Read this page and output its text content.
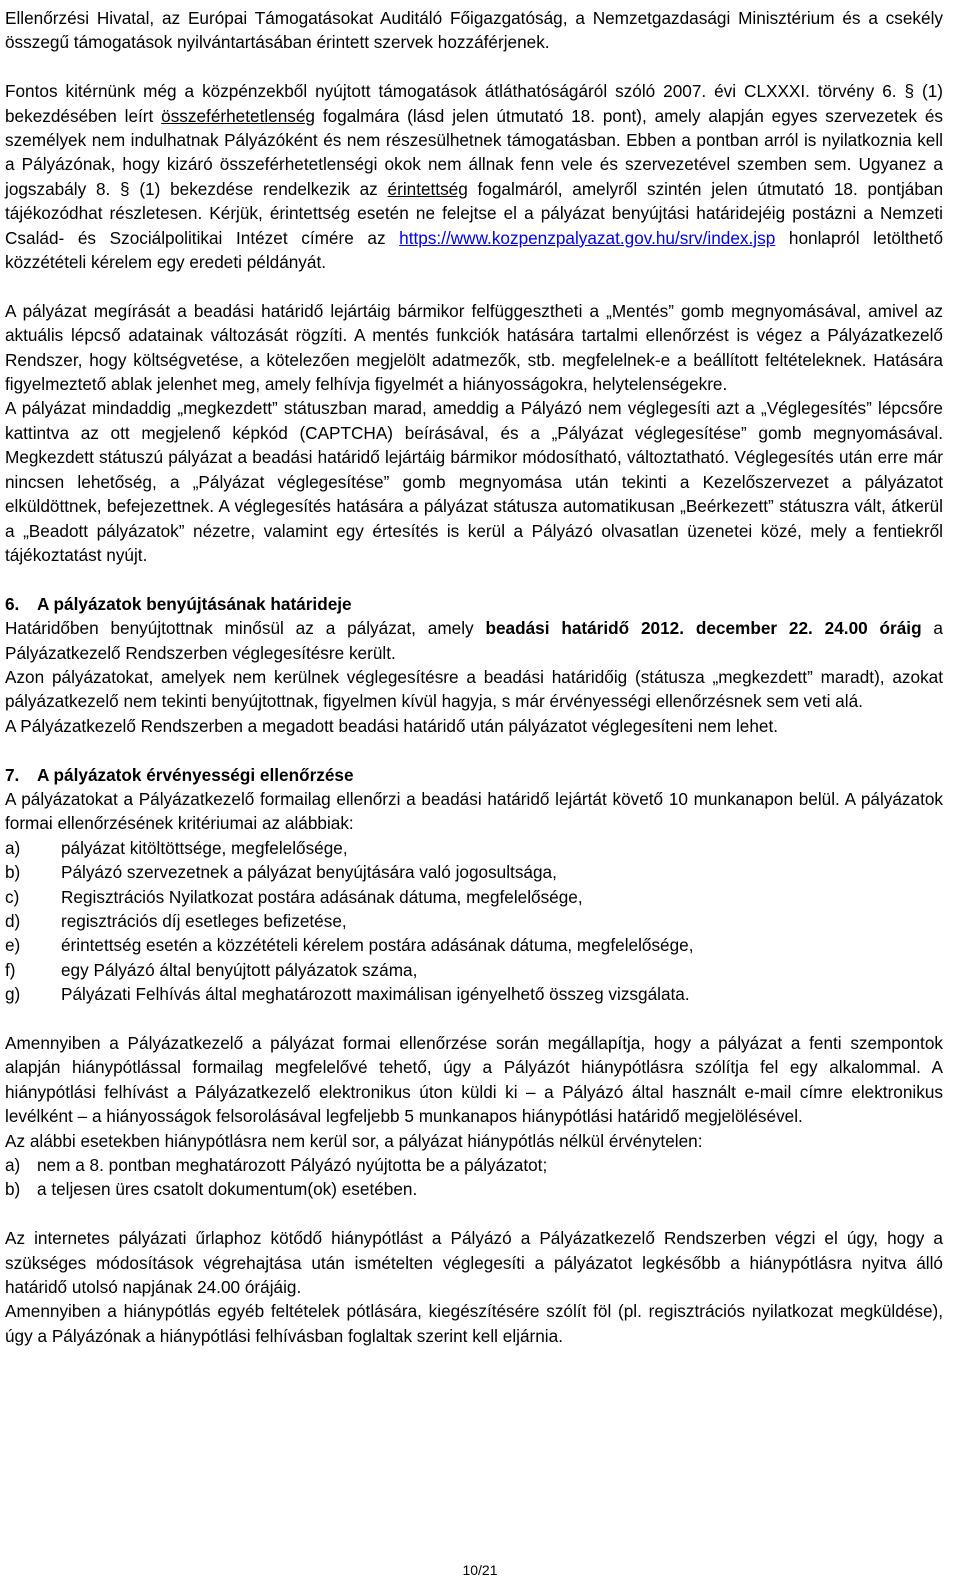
Ellenőrzési Hivatal, az Európai Támogatásokat Auditáló Főigazgatóság, a Nemzetgazdasági Minisztérium és a csekély összegű támogatások nyilvántartásában érintett szervek hozzáférjenek.

Fontos kitérnünk még a közpénzekből nyújtott támogatások átláthatóságáról szóló 2007. évi CLXXXI. törvény 6. § (1) bekezdésében leírt összeférhetetlenség fogalmára (lásd jelen útmutató 18. pont), amely alapján egyes szervezetek és személyek nem indulhatnak Pályázóként és nem részesülhetnek támogatásban. Ebben a pontban arról is nyilatkoznia kell a Pályázónak, hogy kizáró összeférhetetlenségi okok nem állnak fenn vele és szervezetével szemben sem. Ugyanez a jogszabály 8. § (1) bekezdése rendelkezik az érintettség fogalmáról, amelyről szintén jelen útmutató 18. pontjában tájékozódhat részletesen. Kérjük, érintettség esetén ne felejtse el a pályázat benyújtási határidejéig postázni a Nemzeti Család- és Szociálpolitikai Intézet címére az https://www.kozpenzpalyazat.gov.hu/srv/index.jsp honlapról letölthető közzétételi kérelem egy eredeti példányát.

A pályázat megírását a beadási határidő lejártáig bármikor felfüggesztheti a „Mentés” gomb megnyomásával, amivel az aktuális lépcső adatainak változását rögzíti. A mentés funkciók hatására tartalmi ellenőrzést is végez a Pályázatkezelő Rendszer, hogy költségvetése, a kötelezően megjelölt adatmezők, stb. megfelelnek-e a beállított feltételeknek. Hatására figyelmeztető ablak jelenhet meg, amely felhívja figyelmét a hiányosságokra, helytelenségekre.

A pályázat mindaddig „megkezdett” státuszban marad, ameddig a Pályázó nem véglegesíti azt a „Véglegesítés” lépcsőre kattintva az ott megjelenő képkód (CAPTCHA) beírásával, és a „Pályázat véglegesítése” gomb megnyomásával. Megkezdett státuszú pályázat a beadási határidő lejártáig bármikor módosítható, változtatható. Véglegesítés után erre már nincsen lehetőség, a „Pályázat véglegesítése” gomb megnyomása után tekinti a Kezelőszervezet a pályázatot elküldöttnek, befejezettnek. A véglegesítés hatására a pályázat státusza automatikusan „Beérkezett” státuszra vált, átkerül a „Beadott pályázatok” nézetre, valamint egy értesítés is kerül a Pályázó olvasatlan üzenetei közé, mely a fentiekről tájékoztatást nyújt.

6. A pályázatok benyújtásának határideje

Határidőben benyújtottnak minősül az a pályázat, amely beadási határidő 2012. december 22. 24.00 óráig a Pályázatkezelő Rendszerben véglegesítésre került.

Azon pályázatokat, amelyek nem kerülnek véglegesítésre a beadási határidőig (státusza „megkezdett” maradt), azokat pályázatkezelő nem tekinti benyújtottnak, figyelmen kívül hagyja, s már érvényességi ellenőrzésnek sem veti alá.

A Pályázatkezelő Rendszerben a megadott beadási határidő után pályázatot véglegesíteni nem lehet.

7. A pályázatok érvényességi ellenőrzése

A pályázatokat a Pályázatkezelő formailag ellenőrzi a beadási határidő lejártát követő 10 munkanapon belül. A pályázatok formai ellenőrzésének kritériumai az alábbiak:

a)	pályázat kitöltöttsége, megfelelősége,
b)	Pályázó szervezetnek a pályázat benyújtására való jogosultsága,
c)	Regisztrációs Nyilatkozat postára adásának dátuma, megfelelősége,
d)	regisztrációs díj esetleges befizetése,
e)	érintettség esetén a közzétételi kérelem postára adásának dátuma, megfelelősége,
f)	egy Pályázó által benyújtott pályázatok száma,
g)	Pályázati Felhívás által meghatározott maximálisan igényelhető összeg vizsgálata.

Amennyiben a Pályázatkezelő a pályázat formai ellenőrzése során megállapítja, hogy a pályázat a fenti szempontok alapján hiánypótlással formailag megfelelővé tehető, úgy a Pályázót hiánypótlásra szólítja fel egy alkalommal. A hiánypótlási felhívást a Pályázatkezelő elektronikus úton küldi ki – a Pályázó által használt e-mail címre elektronikus levélként – a hiányosságok felsorolásával legfeljebb 5 munkanapos hiánypótlási határidő megjelölésével.

Az alábbi esetekben hiánypótlásra nem kerül sor, a pályázat hiánypótlás nélkül érvénytelen:

a) nem a 8. pontban meghatározott Pályázó nyújtotta be a pályázatot;
b) a teljesen üres csatolt dokumentum(ok) esetében.

Az internetes pályázati űrlaphoz kötődő hiánypótlást a Pályázó a Pályázatkezelő Rendszerben végzi el úgy, hogy a szükséges módosítások végrehajtása után ismételten véglegesíti a pályázatot legkésőbb a hiánypótlásra nyitva álló határidő utolsó napjának 24.00 órájáig.

Amennyiben a hiánypótlás egyéb feltételek pótlására, kiegészítésére szólít föl (pl. regisztrációs nyilatkozat megküldése), úgy a Pályázónak a hiánypótlási felhívásban foglaltak szerint kell eljárnia.

10/21
